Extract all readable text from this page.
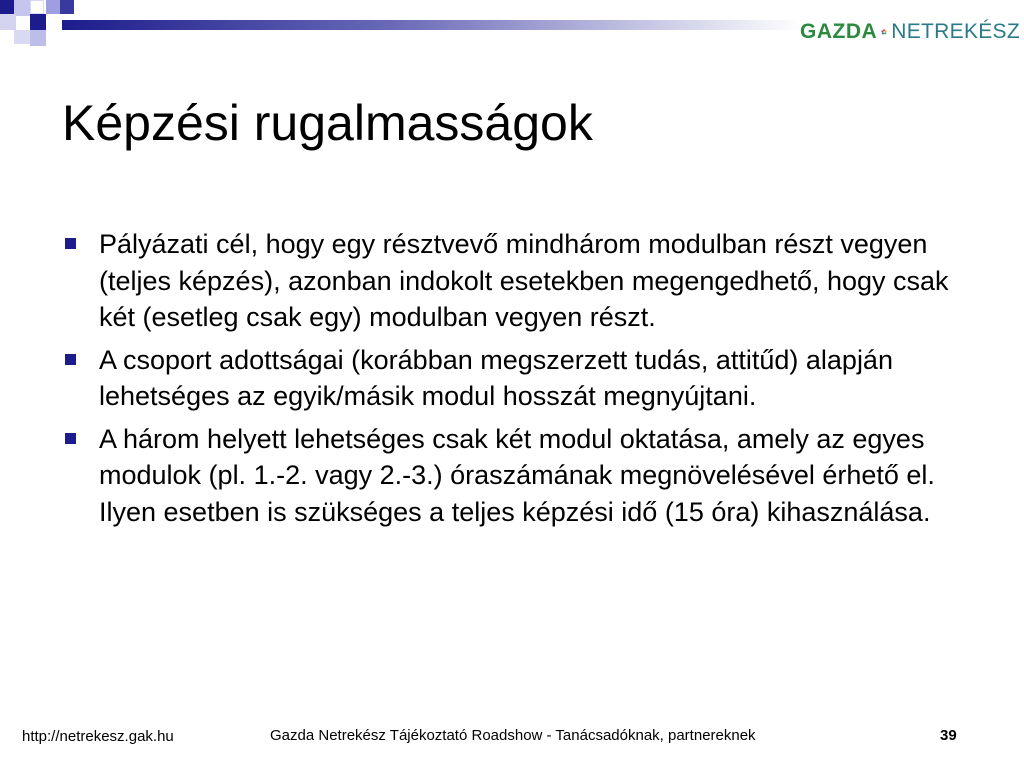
GAZDA NETREKÉSZ
Képzési rugalmasságok
Pályázati cél, hogy egy résztvevő mindhárom modulban részt vegyen (teljes képzés), azonban indokolt esetekben megengedhető, hogy csak két (esetleg csak egy) modulban vegyen részt.
A csoport adottságai (korábban megszerzett tudás, attitűd) alapján lehetséges az egyik/másik modul hosszát megnyújtani.
A három helyett lehetséges csak két modul oktatása, amely az egyes modulok (pl. 1.-2. vagy 2.-3.) óraszámának megnövelésével érhető el. Ilyen esetben is szükséges a teljes képzési idő (15 óra) kihasználása.
http://netrekesz.gak.hu	Gazda Netrekész Tájékoztató Roadshow - Tanácsadóknak, partnereknek	39
